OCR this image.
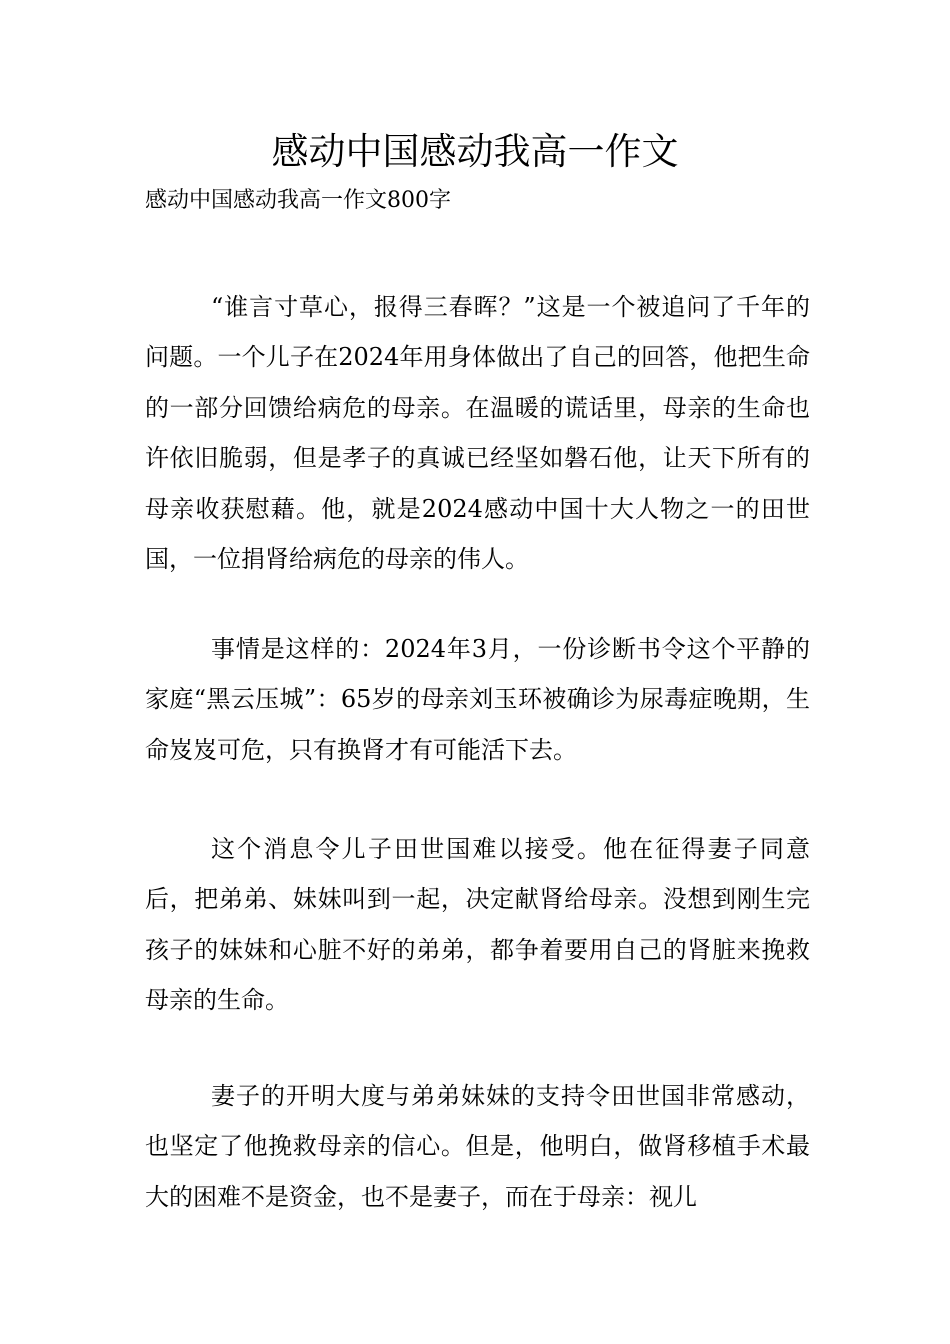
感动中国感动我高一作文

感动中国感动我高一作文800字

“谁言寸草心，报得三春晖？”这是一个被追问了千年的问题。一个儿子在2024年用身体做出了自己的回答，他把生命的一部分回馈给病危的母亲。在温暖的谎话里，母亲的生命也许依旧脆弱，但是孝子的真诚已经坚如磐石他，让天下所有的母亲收获慰藉。他，就是2024感动中国十大人物之一的田世国，一位捐肾给病危的母亲的伟人。

事情是这样的：2024年3月，一份诊断书令这个平静的家庭“黑云压城”：65岁的母亲刘玉环被确诊为尿毒症晚期，生命岌岌可危，只有换肾才有可能活下去。

这个消息令儿子田世国难以接受。他在征得妻子同意后，把弟弟、妹妹叫到一起，决定献肾给母亲。没想到刚生完孩子的妹妹和心脏不好的弟弟，都争着要用自己的肾脏来挽救母亲的生命。

妻子的开明大度与弟弟妹妹的支持令田世国非常感动，也坚定了他挽救母亲的信心。但是，他明白，做肾移植手术最大的困难不是资金，也不是妻子，而在于母亲：视儿
